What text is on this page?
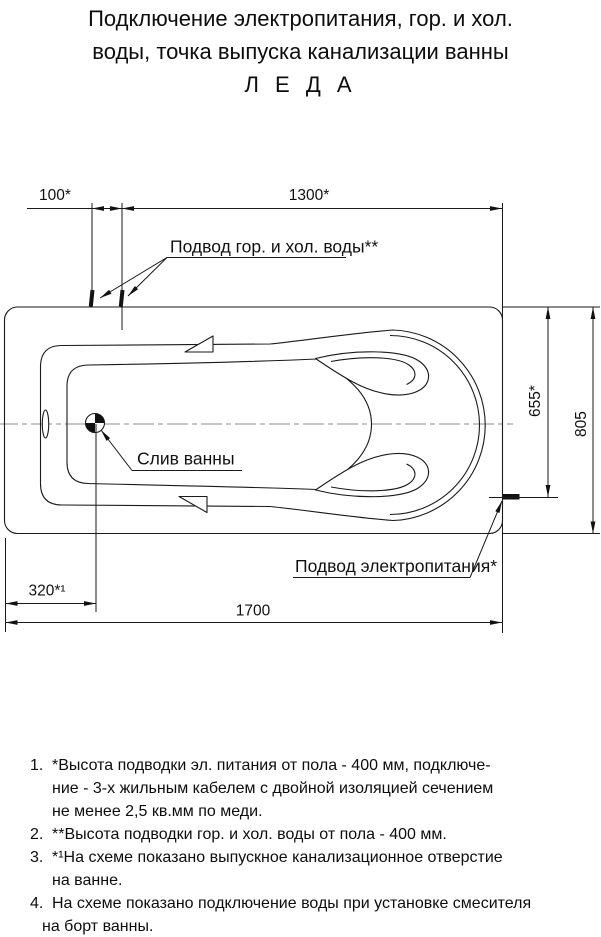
Подключение электропитания, гор. и хол.
воды, точка выпуска канализации ванны
Л Е Д А
100*	1300*
655*
805
320*¹
1700
Подвод гор. и хол. воды**
Слив ванны
Подвод электропитания*
1. *Высота подводки эл. питания от пола - 400 мм, подключе-
ние - 3-х жильным кабелем с двойной изоляцией сечением
не менее 2,5 кв.мм по меди.
2. **Высота подводки гор. и хол. воды от пола - 400 мм.
3. *¹На схеме показано выпускное канализационное отверстие
на ванне.
4. На схеме показано подключение воды при установке смесителя
на борт ванны.
